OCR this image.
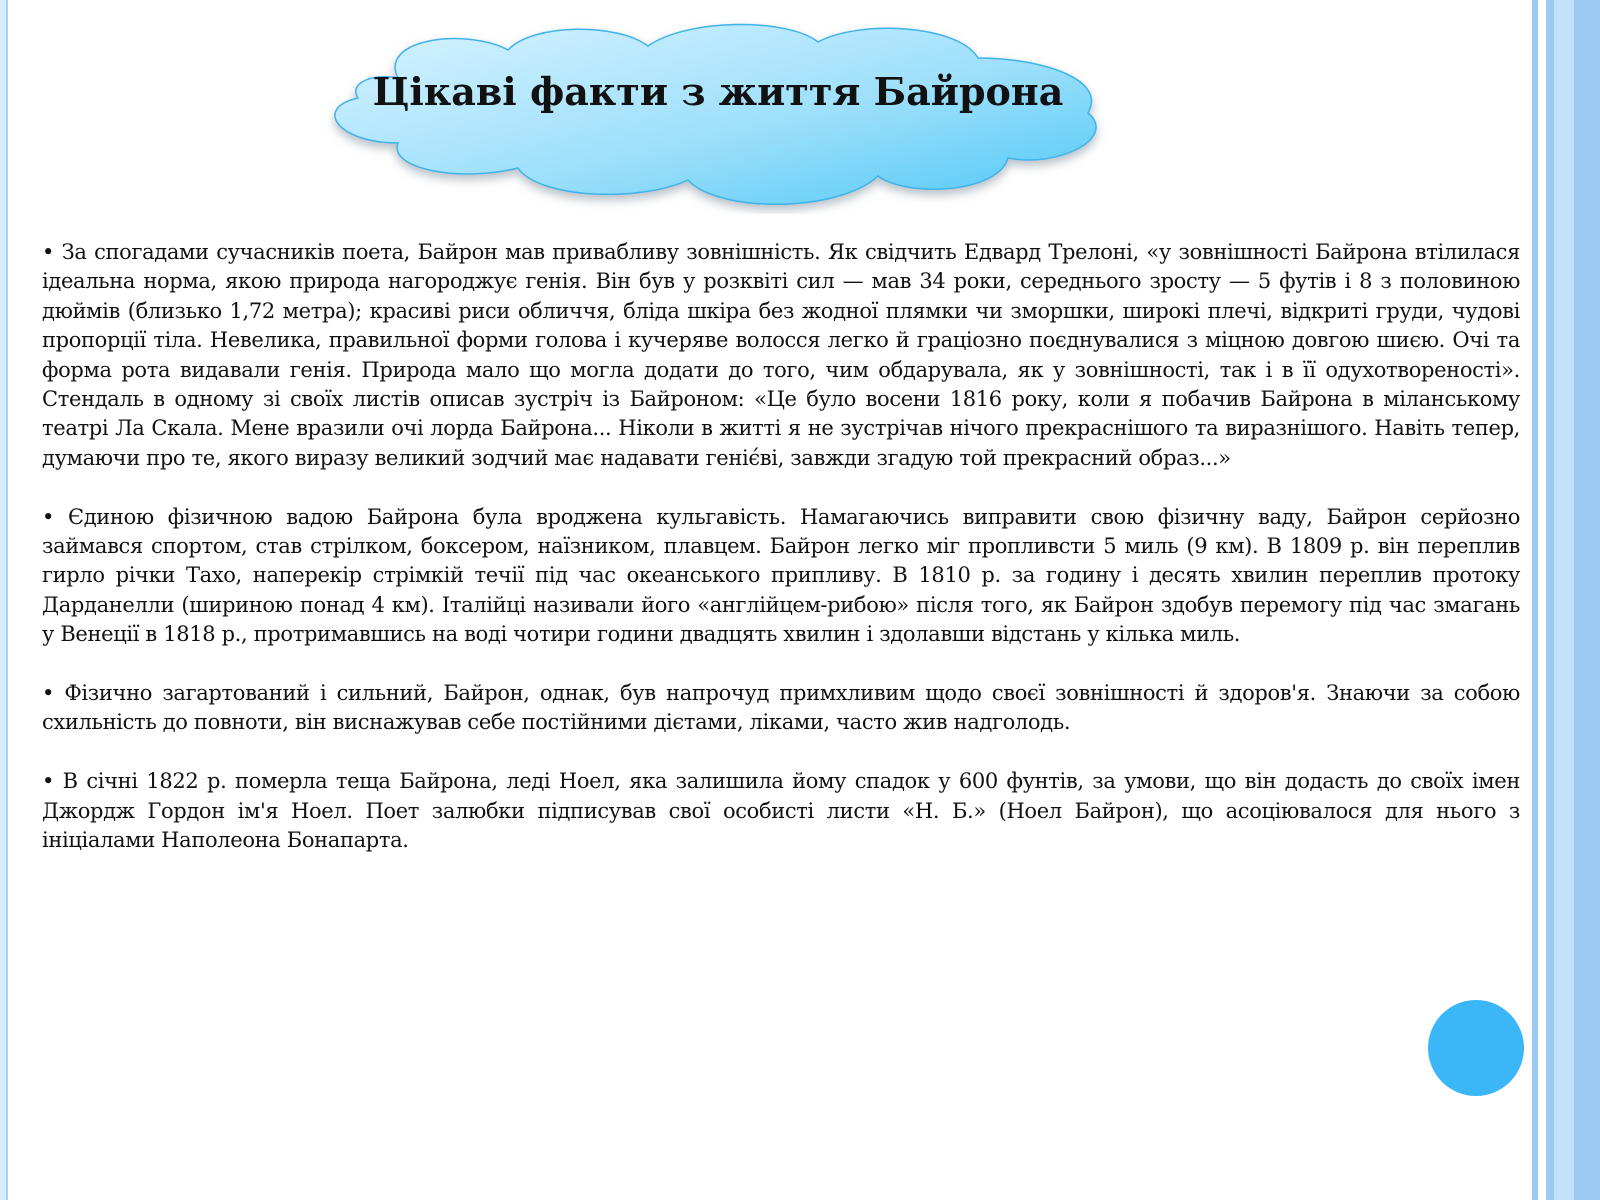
Цікаві факти з життя Байрона

• За спогадами сучасників поета, Байрон мав привабливу зовнішність. Як свідчить Едвард Трелоні, «у зовнішності Байрона втілилася ідеальна норма, якою природа нагороджує генія. Він був у розквіті сил — мав 34 роки, середнього зросту — 5 футів і 8 з половиною дюймів (близько 1,72 метра); красиві риси обличчя, бліда шкіра без жодної плямки чи зморшки, широкі плечі, відкриті груди, чудові пропорції тіла. Невелика, правильної форми голова і кучеряве волосся легко й граціозно поєднувалися з міцною довгою шиєю. Очі та форма рота видавали генія. Природа мало що могла додати до того, чим обдарувала, як у зовнішності, так і в її одухотвореності». Стендаль в одному зі своїх листів описав зустріч із Байроном: «Це було восени 1816 року, коли я побачив Байрона в міланському театрі Ла Скала. Мене вразили очі лорда Байрона... Ніколи в житті я не зустрічав нічого прекраснішого та виразнішого. Навіть тепер, думаючи про те, якого виразу великий зодчий має надавати геніє́ві, завжди згадую той прекрасний образ...»

• Єдиною фізичною вадою Байрона була вроджена кульгавість. Намагаючись виправити свою фізичну ваду, Байрон серйозно займався спортом, став стрілком, боксером, наїзником, плавцем. Байрон легко міг пропливсти 5 миль (9 км). В 1809 р. він переплив гирло річки Тахо, наперекір стрімкій течії під час океанського припливу. В 1810 р. за годину і десять хвилин переплив протоку Дарданелли (шириною понад 4 км). Італійці називали його «англійцем-рибою» після того, як Байрон здобув перемогу під час змагань у Венеції в 1818 р., протримавшись на воді чотири години двадцять хвилин і здолавши відстань у кілька миль.

• Фізично загартований і сильний, Байрон, однак, був напрочуд примхливим щодо своєї зовнішності й здоров'я. Знаючи за собою схильність до повноти, він виснажував себе постійними дієтами, ліками, часто жив надголодь.

• В січні 1822 р. померла теща Байрона, леді Ноел, яка залишила йому спадок у 600 фунтів, за умови, що він додасть до своїх імен Джордж Гордон ім'я Ноел. Поет залюбки підписував свої особисті листи «Н. Б.» (Ноел Байрон), що асоціювалося для нього з ініціалами Наполеона Бонапарта.
